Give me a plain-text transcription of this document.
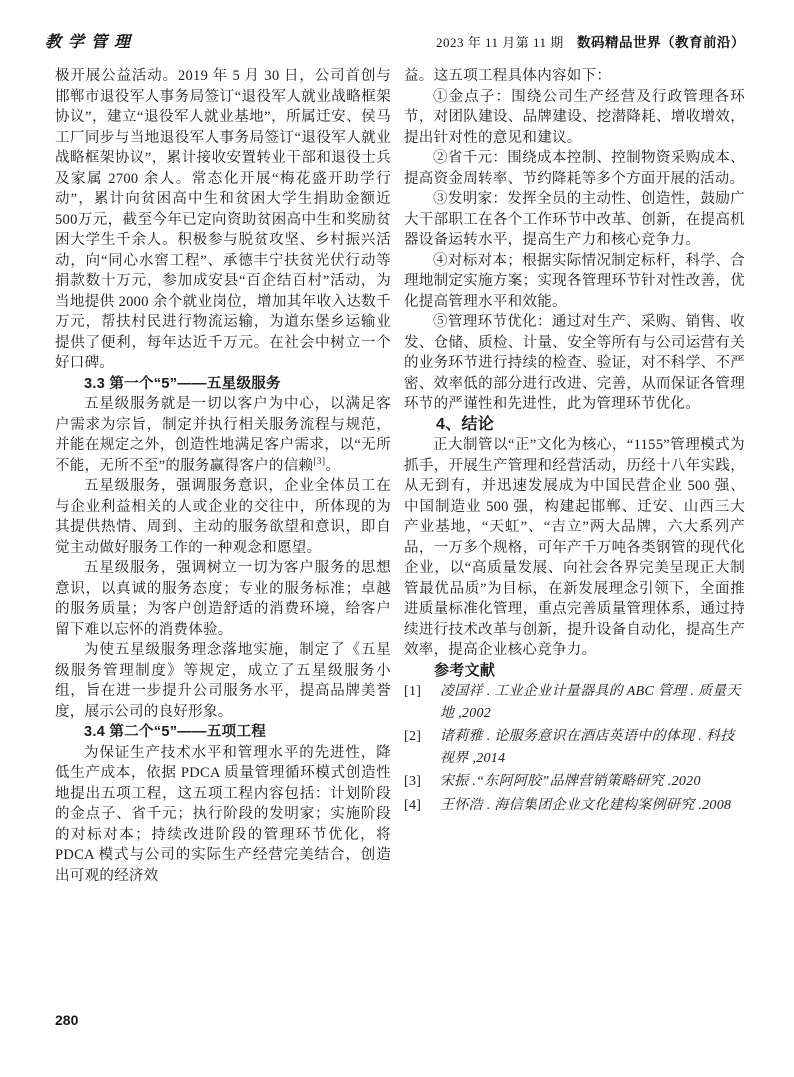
教学管理	2023 年 11 月第 11 期 数码精品世界（教育前沿）

极开展公益活动。2019 年 5 月 30 日，公司首创与邯郸市退役军人事务局签订“退役军人就业战略框架协议”，建立“退役军人就业基地”，所属迁安、侯马工厂同步与当地退役军人事务局签订“退役军人就业战略框架协议”，累计接收安置转业干部和退役士兵及家属 2700 余人。常态化开展“梅花盛开助学行动”，累计向贫困高中生和贫困大学生捐助金额近500万元，截至今年已定向资助贫困高中生和奖励贫困大学生千余人。积极参与脱贫攻坚、乡村振兴活动，向“同心水窖工程”、承德丰宁扶贫光伏行动等捐款数十万元，参加成安县“百企结百村”活动，为当地提供 2000 余个就业岗位，增加其年收入达数千万元，帮扶村民进行物流运输，为道东堡乡运输业提供了便利，每年达近千万元。在社会中树立一个好口碑。

3.3 第一个“5”——五星级服务

五星级服务就是一切以客户为中心，以满足客户需求为宗旨，制定并执行相关服务流程与规范，并能在规定之外，创造性地满足客户需求，以“无所不能，无所不至”的服务赢得客户的信赖[3]。

五星级服务，强调服务意识，企业全体员工在与企业利益相关的人或企业的交往中，所体现的为其提供热情、周到、主动的服务欲望和意识，即自觉主动做好服务工作的一种观念和愿望。

五星级服务，强调树立一切为客户服务的思想意识，以真诚的服务态度；专业的服务标准；卓越的服务质量；为客户创造舒适的消费环境，给客户留下难以忘怀的消费体验。

为使五星级服务理念落地实施，制定了《五星级服务管理制度》等规定，成立了五星级服务小组，旨在进一步提升公司服务水平，提高品牌美誉度，展示公司的良好形象。

3.4 第二个“5”——五项工程

为保证生产技术水平和管理水平的先进性，降低生产成本，依据 PDCA 质量管理循环模式创造性地提出五项工程，这五项工程内容包括：计划阶段的金点子、省千元；执行阶段的发明家；实施阶段的对标对本；持续改进阶段的管理环节优化，将 PDCA 模式与公司的实际生产经营完美结合，创造出可观的经济效

益。这五项工程具体内容如下：

①金点子：围绕公司生产经营及行政管理各环节，对团队建设、品牌建设、挖潜降耗、增收增效，提出针对性的意见和建议。

②省千元：围绕成本控制、控制物资采购成本、提高资金周转率、节约降耗等多个方面开展的活动。

③发明家：发挥全员的主动性、创造性，鼓励广大干部职工在各个工作环节中改革、创新，在提高机器设备运转水平，提高生产力和核心竞争力。

④对标对本；根据实际情况制定标杆，科学、合理地制定实施方案；实现各管理环节针对性改善，优化提高管理水平和效能。

⑤管理环节优化：通过对生产、采购、销售、收发、仓储、质检、计量、安全等所有与公司运营有关的业务环节进行持续的检查、验证，对不科学、不严密、效率低的部分进行改进、完善，从而保证各管理环节的严谨性和先进性，此为管理环节优化。

4、结论

正大制管以“正”文化为核心，“1155”管理模式为抓手，开展生产管理和经营活动，历经十八年实践，从无到有，并迅速发展成为中国民营企业 500 强、中国制造业 500 强，构建起邯郸、迁安、山西三大产业基地，“天虹”、“吉立”两大品牌，六大系列产品，一万多个规格，可年产千万吨各类钢管的现代化企业，以“高质量发展、向社会各界完美呈现正大制管最优品质”为目标，在新发展理念引领下，全面推进质量标准化管理，重点完善质量管理体系，通过持续进行技术改革与创新，提升设备自动化，提高生产效率，提高企业核心竞争力。

参考文献

[1] 凌国祥 . 工业企业计量器具的 ABC 管理 . 质量天地 ,2002

[2] 诸莉雅 . 论服务意识在酒店英语中的体现 . 科技视界 ,2014

[3] 宋振 .“东阿阿胶”品牌营销策略研究 .2020

[4] 王怀浩 . 海信集团企业文化建构案例研究 .2008

280
